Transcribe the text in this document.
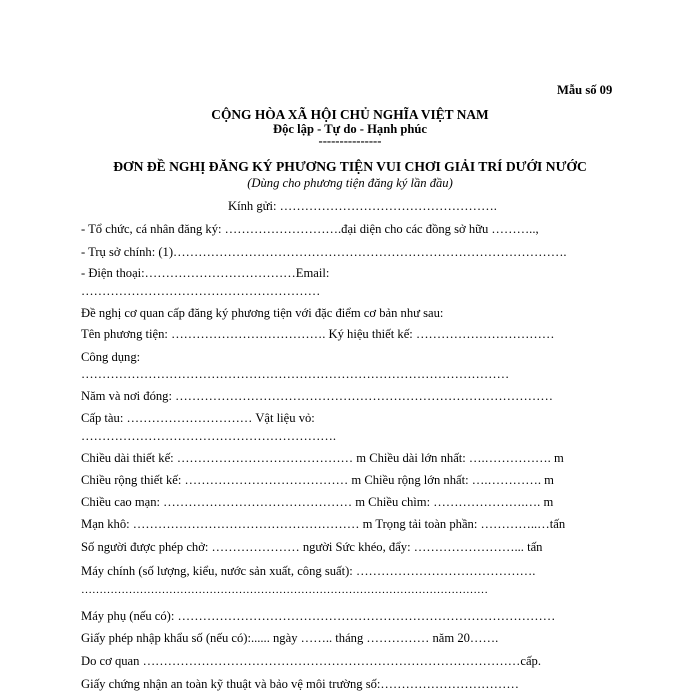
Mẫu số 09
CỘNG HÒA XÃ HỘI CHỦ NGHĨA VIỆT NAM
Độc lập - Tự do - Hạnh phúc
---------------
ĐƠN ĐỀ NGHỊ ĐĂNG KÝ PHƯƠNG TIỆN VUI CHƠI GIẢI TRÍ DƯỚI NƯỚC
(Dùng cho phương tiện đăng ký lần đầu)
Kính gửi: …………………………………………….
- Tổ chức, cá nhân đăng ký: ……………………….đại diện cho các đồng sở hữu ………..,
- Trụ sở chính: (1)………………………………………………………………………………….
- Điện thoại:………………………………Email:
…………………………………………………
Đề nghị cơ quan cấp đăng ký phương tiện với đặc điểm cơ bản như sau:
Tên phương tiện: ………………………………. Ký hiệu thiết kế: ……………………………
Công dụng:
…………………………………………………………………………………………
Năm và nơi đóng: ………………………………………………………………………………
Cấp tàu: ………………………… Vật liệu vỏ:
…………………………………………………….
Chiều dài thiết kế: …………………………………… m Chiều dài lớn nhất: ….……………. m
Chiều rộng thiết kế: ………………………………… m Chiều rộng lớn nhất: ….…………. m
Chiều cao mạn: ……………………………………… m Chiều chìm: ………………….…. m
Mạn khô: ……………………………………………… m Trọng tải toàn phần: …………..…tấn
Số người được phép chở: ………………… người Sức khéo, đẩy: ……………………... tấn
Máy chính (số lượng, kiểu, nước sản xuất, công suất): …………………………………….
…………………………………………………………………………………………………
Máy phụ (nếu có): ………………………………………………………………………………
Giấy phép nhập khẩu số (nếu có):...... ngày …….. tháng …………… năm 20…….
Do cơ quan ………………………………………………………………………………cấp.
Giấy chứng nhận an toàn kỹ thuật và bảo vệ môi trường số:……………………………
